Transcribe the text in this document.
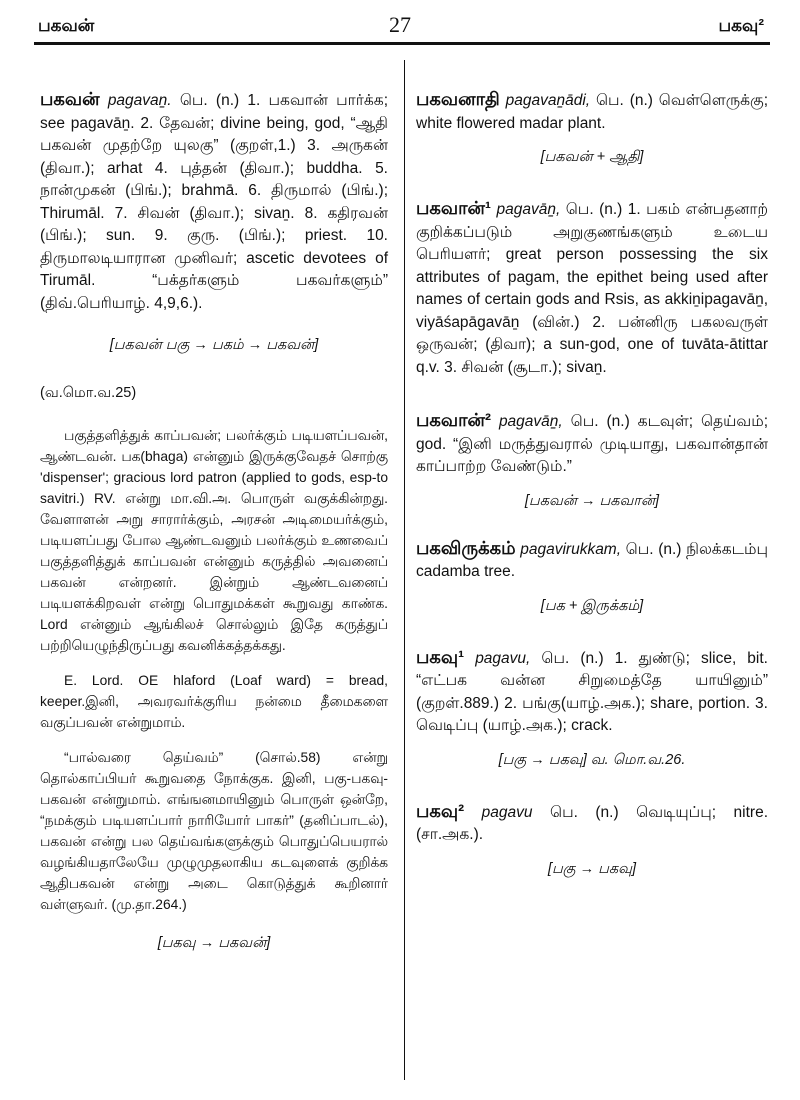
பகவன்	27	பகவு²
பகவன் pagavaṉ. பெ. (n.) 1. பகவான் பார்க்க; see pagavāṉ. 2. தேவன்; divine being, god, “ஆதி பகவன் முதற்றே யுலகு” (குறள்,1.) 3. அருகன் (திவா.); arhat 4. புத்தன் (திவா.); buddha. 5. நான்முகன் (பிங்.); brahmā. 6. திருமால் (பிங்.); Thirumāl. 7. சிவன் (திவா.); sivaṉ. 8. கதிரவன் (பிங்.); sun. 9. குரு. (பிங்.); priest. 10. திருமாலடியாரான முனிவர்; ascetic devotees of Tirumāl. “பக்தர்களும் பகவர்களும்” (திவ்.பெரியாழ். 4,9,6.).
[பகவன் பகு → பகம் → பகவன்]
(வ.மொ.வ.25)
பகுத்தளித்துக் காப்பவன்; பலர்க்கும் படியளப்பவன், ஆண்டவன். பக(bhaga) என்னும் இருக்குவேதச் சொற்கு 'dispenser'; gracious lord patron (applied to gods, esp-to savitri.) RV. என்று மா.வி.அ. பொருள் வகுக்கின்றது. வேளாளன் அறு சாரார்க்கும், அரசன் அடிமையர்க்கும், படியளப்பது போல ஆண்டவனும் பலர்க்கும் உணவைப் பகுத்தளித்துக் காப்பவன் என்னும் கருத்தில் அவனைப் பகவன் என்றனர். இன்றும் ஆண்டவனைப் படியளக்கிறவள் என்று பொதுமக்கள் கூறுவது காண்க. Lord என்னும் ஆங்கிலச் சொல்லும் இதே கருத்துப் பற்றியெழுந்திருப்பது கவனிக்கத்தக்கது.
E. Lord. OE hlaford (Loaf ward) = bread, keeper.இனி, அவரவர்க்குரிய நன்மை தீமைகளை வகுப்பவன் என்றுமாம்.
“பால்வரை தெய்வம்” (சொல்.58) என்று தொல்காப்பியர் கூறுவதை நோக்குக. இனி, பகு-பகவு-பகவன் என்றுமாம். எங்ஙனமாயினும் பொருள் ஒன்றே, “நமக்கும் படியளப்பார் நாரியோர் பாகர்” (தனிப்பாடல்), பகவன் என்று பல தெய்வங்களுக்கும் பொதுப்பெயரால் வழங்கியதாலேயே முழுமுதலாகிய கடவுளைக் குறிக்க ஆதிபகவன் என்று அடை கொடுத்துக் கூறினார் வள்ளுவர். (மு.தா.264.)
[பகவு → பகவன்]
பகவனாதி pagavaṉādi, பெ. (n.) வெள்ளெருக்கு; white flowered madar plant.
[பகவன் + ஆதி]
பகவான்¹ pagavāṉ, பெ. (n.) 1. பகம் என்பதனாற் குறிக்கப்படும் அறுகுணங்களும் உடைய பெரியளர்; great person possessing the six attributes of pagam, the epithet being used after names of certain gods and Rsis, as akkiṉipagavāṉ, viyāśapāgavāṉ (வின்.) 2. பன்னிரு பகலவருள் ஒருவன்; (திவா); a sun-god, one of tuvāta-ātittar q.v. 3. சிவன் (சூடா.); sivaṉ.
பகவான்² pagavāṉ, பெ. (n.) கடவுள்; தெய்வம்; god. “இனி மருத்துவரால் முடியாது, பகவான்தான் காப்பாற்ற வேண்டும்.”
[பகவன் → பகவான்]
பகவிருக்கம் pagavirukkam, பெ. (n.) நிலக்கடம்பு cadamba tree.
[பக + இருக்கம்]
பகவு¹ pagavu, பெ. (n.) 1. துண்டு; slice, bit. “எட்பக வன்ன சிறுமைத்தே யாயினும்” (குறள்.889.) 2. பங்கு(யாழ்.அக.); share, portion. 3. வெடிப்பு (யாழ்.அக.); crack.
[பகு → பகவு] வ. மொ.வ.26.
பகவு² pagavu பெ. (n.) வெடியுப்பு; nitre. (சா.அக.).
[பகு → பகவு]
